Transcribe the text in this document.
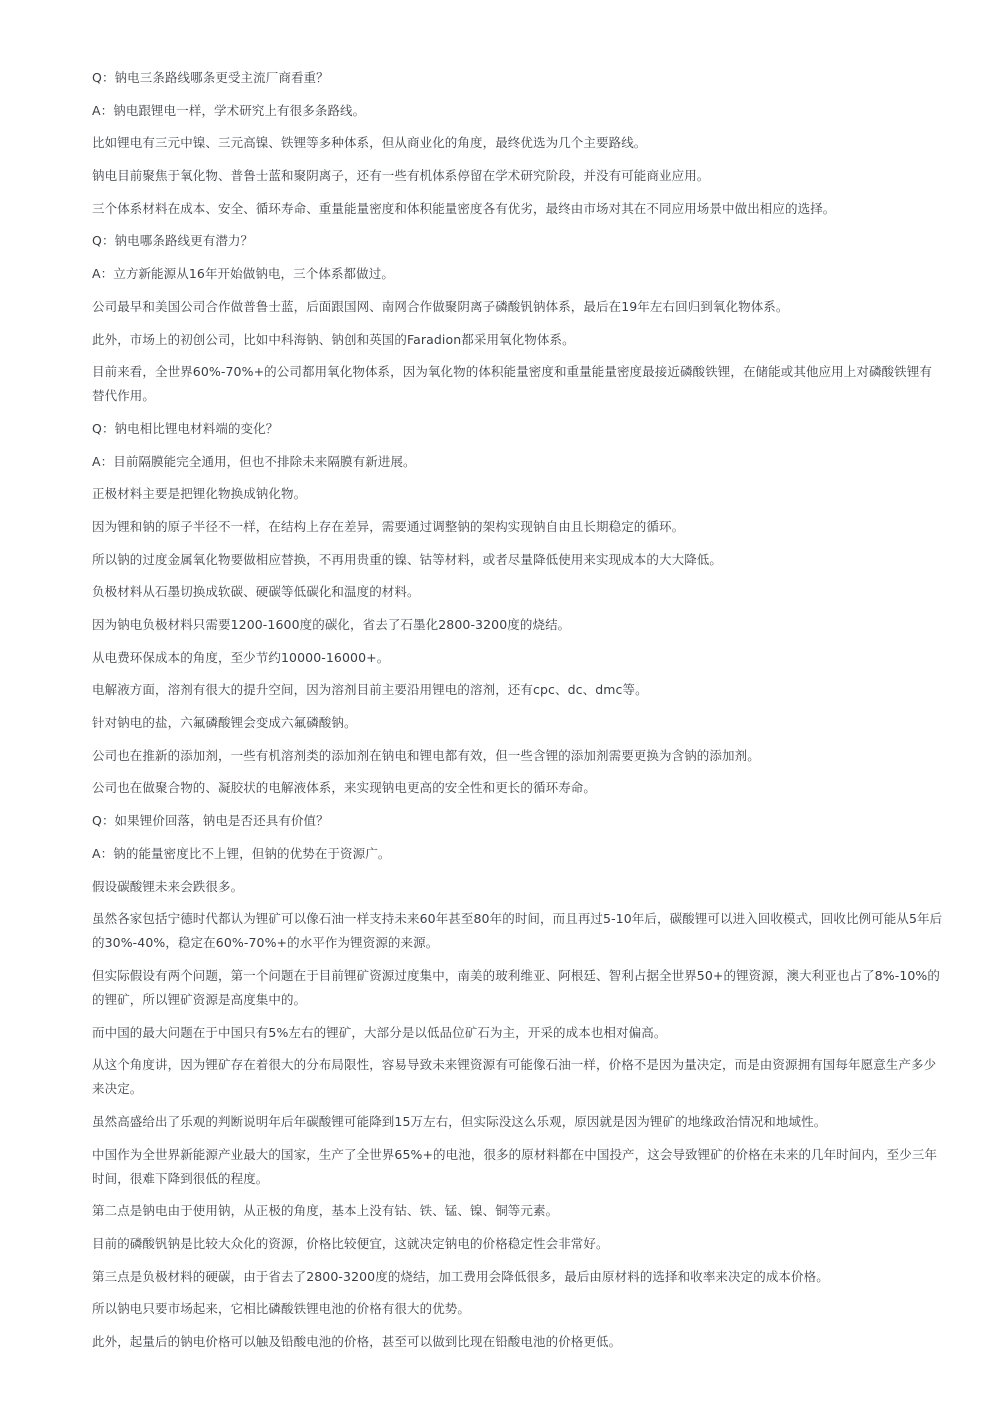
Q：钠电三条路线哪条更受主流厂商看重？

A：钠电跟锂电一样，学术研究上有很多条路线。

比如锂电有三元中镍、三元高镍、铁锂等多种体系，但从商业化的角度，最终优选为几个主要路线。

钠电目前聚焦于氧化物、普鲁士蓝和聚阴离子，还有一些有机体系停留在学术研究阶段，并没有可能商业应用。

三个体系材料在成本、安全、循环寿命、重量能量密度和体积能量密度各有优劣，最终由市场对其在不同应用场景中做出相应的选择。

Q：钠电哪条路线更有潜力？

A：立方新能源从16年开始做钠电，三个体系都做过。

公司最早和美国公司合作做普鲁士蓝，后面跟国网、南网合作做聚阴离子磷酸钒钠体系，最后在19年左右回归到氧化物体系。

此外，市场上的初创公司，比如中科海钠、钠创和英国的Faradion都采用氧化物体系。

目前来看，全世界60%-70%+的公司都用氧化物体系，因为氧化物的体积能量密度和重量能量密度最接近磷酸铁锂，在储能或其他应用上对磷酸铁锂有替代作用。

Q：钠电相比锂电材料端的变化？

A：目前隔膜能完全通用，但也不排除未来隔膜有新进展。

正极材料主要是把锂化物换成钠化物。

因为锂和钠的原子半径不一样，在结构上存在差异，需要通过调整钠的架构实现钠自由且长期稳定的循环。

所以钠的过度金属氧化物要做相应替换，不再用贵重的镍、钴等材料，或者尽量降低使用来实现成本的大大降低。

负极材料从石墨切换成软碳、硬碳等低碳化和温度的材料。

因为钠电负极材料只需要1200-1600度的碳化，省去了石墨化2800-3200度的烧结。

从电费环保成本的角度，至少节约10000-16000+。

电解液方面，溶剂有很大的提升空间，因为溶剂目前主要沿用锂电的溶剂，还有cpc、dc、dmc等。

针对钠电的盐，六氟磷酸锂会变成六氟磷酸钠。

公司也在推新的添加剂，一些有机溶剂类的添加剂在钠电和锂电都有效，但一些含锂的添加剂需要更换为含钠的添加剂。

公司也在做聚合物的、凝胶状的电解液体系，来实现钠电更高的安全性和更长的循环寿命。

Q：如果锂价回落，钠电是否还具有价值？

A：钠的能量密度比不上锂，但钠的优势在于资源广。

假设碳酸锂未来会跌很多。

虽然各家包括宁德时代都认为锂矿可以像石油一样支持未来60年甚至80年的时间，而且再过5-10年后，碳酸锂可以进入回收模式，回收比例可能从5年后的30%-40%，稳定在60%-70%+的水平作为锂资源的来源。

但实际假设有两个问题，第一个问题在于目前锂矿资源过度集中，南美的玻利维亚、阿根廷、智利占据全世界50+的锂资源，澳大利亚也占了8%-10%的的锂矿，所以锂矿资源是高度集中的。

而中国的最大问题在于中国只有5%左右的锂矿，大部分是以低品位矿石为主，开采的成本也相对偏高。

从这个角度讲，因为锂矿存在着很大的分布局限性，容易导致未来锂资源有可能像石油一样，价格不是因为量决定，而是由资源拥有国每年愿意生产多少来决定。

虽然高盛给出了乐观的判断说明年后年碳酸锂可能降到15万左右，但实际没这么乐观，原因就是因为锂矿的地缘政治情况和地域性。

中国作为全世界新能源产业最大的国家，生产了全世界65%+的电池，很多的原材料都在中国投产，这会导致锂矿的价格在未来的几年时间内，至少三年时间，很难下降到很低的程度。

第二点是钠电由于使用钠，从正极的角度，基本上没有钴、铁、锰、镍、铜等元素。

目前的磷酸钒钠是比较大众化的资源，价格比较便宜，这就决定钠电的价格稳定性会非常好。

第三点是负极材料的硬碳，由于省去了2800-3200度的烧结，加工费用会降低很多，最后由原材料的选择和收率来决定的成本价格。

所以钠电只要市场起来，它相比磷酸铁锂电池的价格有很大的优势。

此外，起量后的钠电价格可以触及铅酸电池的价格，甚至可以做到比现在铅酸电池的价格更低。
